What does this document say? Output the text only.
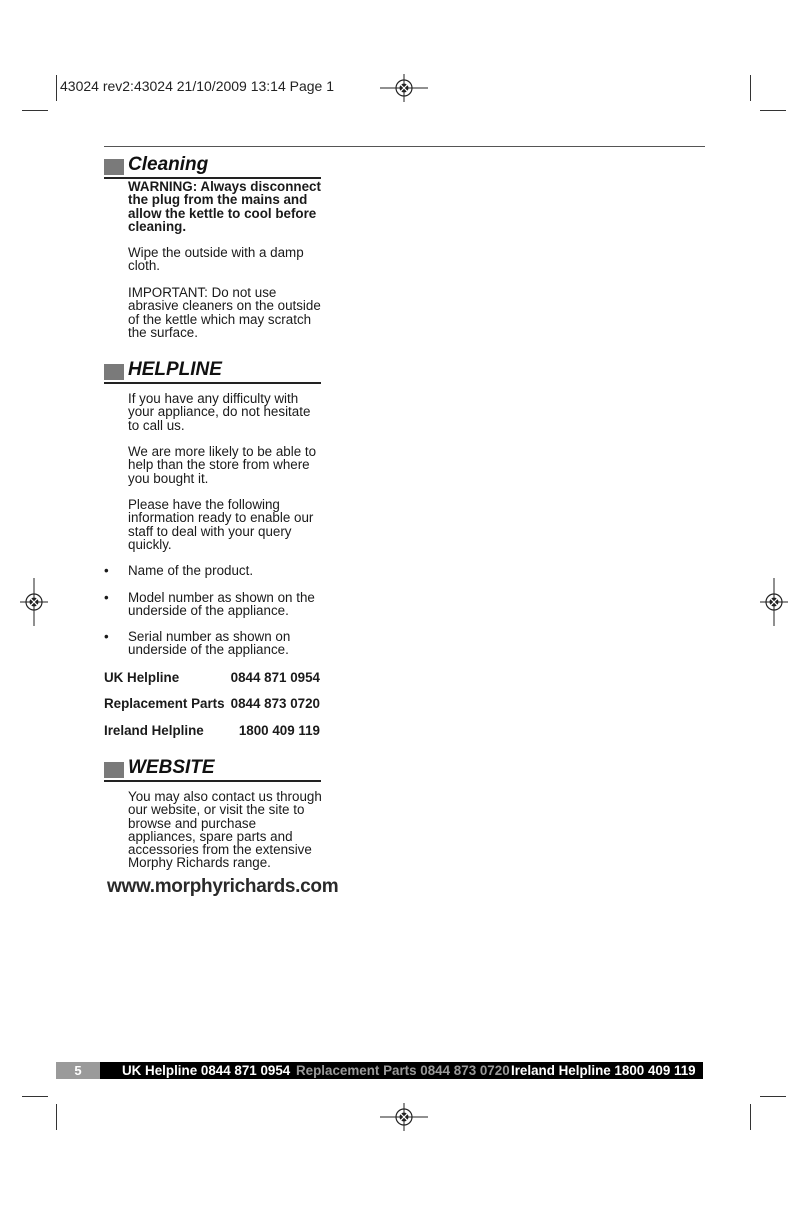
43024 rev2:43024 21/10/2009 13:14 Page 1
Cleaning
WARNING: Always disconnect the plug from the mains and allow the kettle to cool before cleaning.
Wipe the outside with a damp cloth.
IMPORTANT: Do not use abrasive cleaners on the outside of the kettle which may scratch the surface.
HELPLINE
If you have any difficulty with your appliance, do not hesitate to call us.
We are more likely to be able to help than the store from where you bought it.
Please have the following information ready to enable our staff to deal with your query quickly.
• Name of the product.
• Model number as shown on the underside of the appliance.
• Serial number as shown on underside of the appliance.
UK Helpline	0844 871 0954
Replacement Parts 0844 873 0720
Ireland Helpline	1800 409 119
WEBSITE
You may also contact us through our website, or visit the site to browse and purchase appliances, spare parts and accessories from the extensive Morphy Richards range.
www.morphyrichards.com
5	UK Helpline 0844 871 0954 Replacement Parts 0844 873 0720 Ireland Helpline 1800 409 119
